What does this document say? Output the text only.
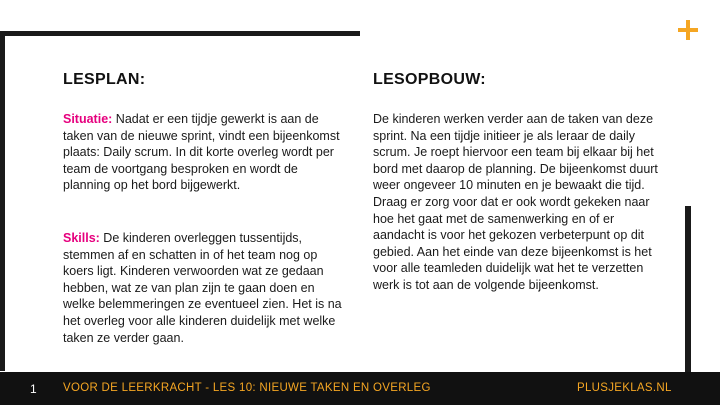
LESPLAN:	LESOPBOUW:

Situatie: Nadat er een tijdje gewerkt is aan de taken van de nieuwe sprint, vindt een bijeenkomst plaats: Daily scrum. In dit korte overleg wordt per team de voortgang besproken en wordt de planning op het bord bijgewerkt.

Skills: De kinderen overleggen tussentijds, stemmen af en schatten in of het team nog op koers ligt. Kinderen verwoorden wat ze gedaan hebben, wat ze van plan zijn te gaan doen en welke belemmeringen ze eventueel zien. Het is na het overleg voor alle kinderen duidelijk met welke taken ze verder gaan.

De kinderen werken verder aan de taken van deze sprint. Na een tijdje initieer je als leraar de daily scrum. Je roept hiervoor een team bij elkaar bij het bord met daarop de planning. De bijeenkomst duurt weer ongeveer 10 minuten en je bewaakt die tijd. Draag er zorg voor dat er ook wordt gekeken naar hoe het gaat met de samenwerking en of er aandacht is voor het gekozen verbeterpunt op dit gebied. Aan het einde van deze bijeenkomst is het voor alle teamleden duidelijk wat het te verzetten werk is tot aan de volgende bijeenkomst.

1 VOOR DE LEERKRACHT - LES 10: NIEUWE TAKEN EN OVERLEG	PLUSJEKLAS.NL
